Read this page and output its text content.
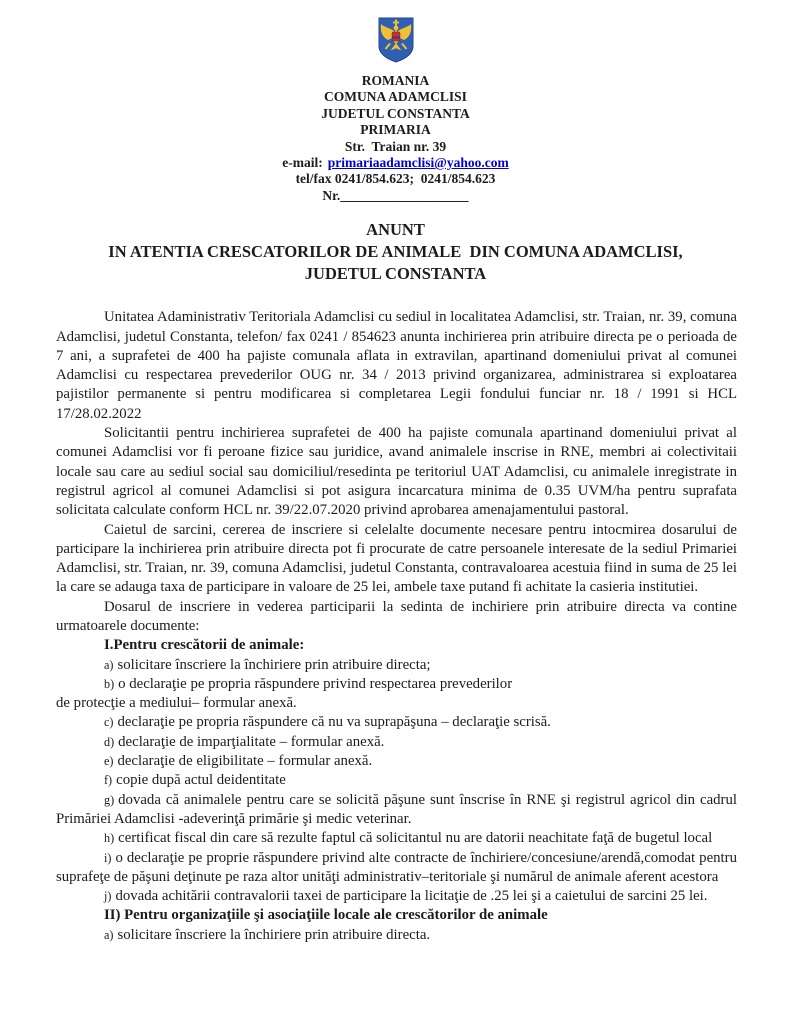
ROMANIA
COMUNA ADAMCLISI
JUDETUL CONSTANTA
PRIMARIA
Str.  Traian nr. 39
e-mail: primariaadamclisi@yahoo.com
tel/fax 0241/854.623;  0241/854.623
Nr.___________________
ANUNT
IN ATENTIA CRESCATORILOR DE ANIMALE  DIN COMUNA ADAMCLISI,
JUDETUL CONSTANTA

Unitatea Adaministrativ Teritoriala Adamclisi cu sediul in localitatea Adamclisi, str. Traian, nr. 39, comuna Adamclisi, judetul Constanta, telefon/ fax 0241 / 854623 anunta inchirierea prin atribuire directa pe o perioada de 7 ani, a suprafetei de 400 ha pajiste comunala aflata in extravilan, apartinand domeniului privat al comunei Adamclisi cu respectarea prevederilor OUG nr. 34 / 2013 privind organizarea, administrarea si exploatarea pajistilor permanente si pentru modificarea si completarea Legii fondului funciar nr. 18 / 1991 si HCL 17/28.02.2022

Solicitantii pentru inchirierea suprafetei de 400 ha pajiste comunala apartinand domeniului privat al comunei Adamclisi vor fi peroane fizice sau juridice, avand animalele inscrise in RNE, membri ai colectivitaii locale sau care au sediul social sau domiciliul/resedinta pe teritoriul UAT Adamclisi, cu animalele inregistrate in registrul agricol al comunei Adamclisi si pot asigura incarcatura minima de 0.35 UVM/ha pentru suprafata solicitata calculate conform HCL nr. 39/22.07.2020 privind aprobarea amenajamentului pastoral.

Caietul de sarcini, cererea de inscriere si celelalte documente necesare pentru intocmirea dosarului de participare la inchirierea prin atribuire directa pot fi procurate de catre persoanele interesate de la sediul Primariei Adamclisi, str. Traian, nr. 39, comuna Adamclisi, judetul Constanta, contravaloarea acestuia fiind in suma de 25 lei la care se adauga taxa de participare in valoare de 25 lei, ambele taxe putand fi achitate la casieria institutiei.

Dosarul de inscriere in vederea participarii la sedinta de inchiriere prin atribuire directa va contine urmatoarele documente:

I.Pentru crescătorii de animale:

a) solicitare înscriere la închiriere prin atribuire directa;

b) o declaraţie pe propria răspundere privind respectarea prevederilor

de protecţie a mediului– formular anexă.

c) declaraţie pe propria răspundere că nu va suprapăşuna – declaraţie scrisă.

d) declaraţie de imparţialitate – formular anexă.

e) declaraţie de eligibilitate – formular anexă.

f) copie după actul deidentitate

g) dovada că animalele pentru care se solicită păşune sunt înscrise în RNE şi registrul agricol din cadrul Primăriei Adamclisi -adeverinţă primărie şi medic veterinar.

h) certificat fiscal din care să rezulte faptul că solicitantul nu are datorii neachitate faţă de bugetul local

i) o declaraţie pe proprie răspundere privind alte contracte de închiriere/concesiune/arendă,comodat pentru suprafeţe de păşuni deţinute pe raza altor unităţi administrativ–teritoriale şi numărul de animale aferent acestora

j) dovada achitării contravalorii taxei de participare la licitaţie de .25 lei şi a caietului de sarcini 25 lei.

II) Pentru organizaţiile şi asociaţiile locale ale crescătorilor de animale

a) solicitare înscriere la închiriere prin atribuire directa.
